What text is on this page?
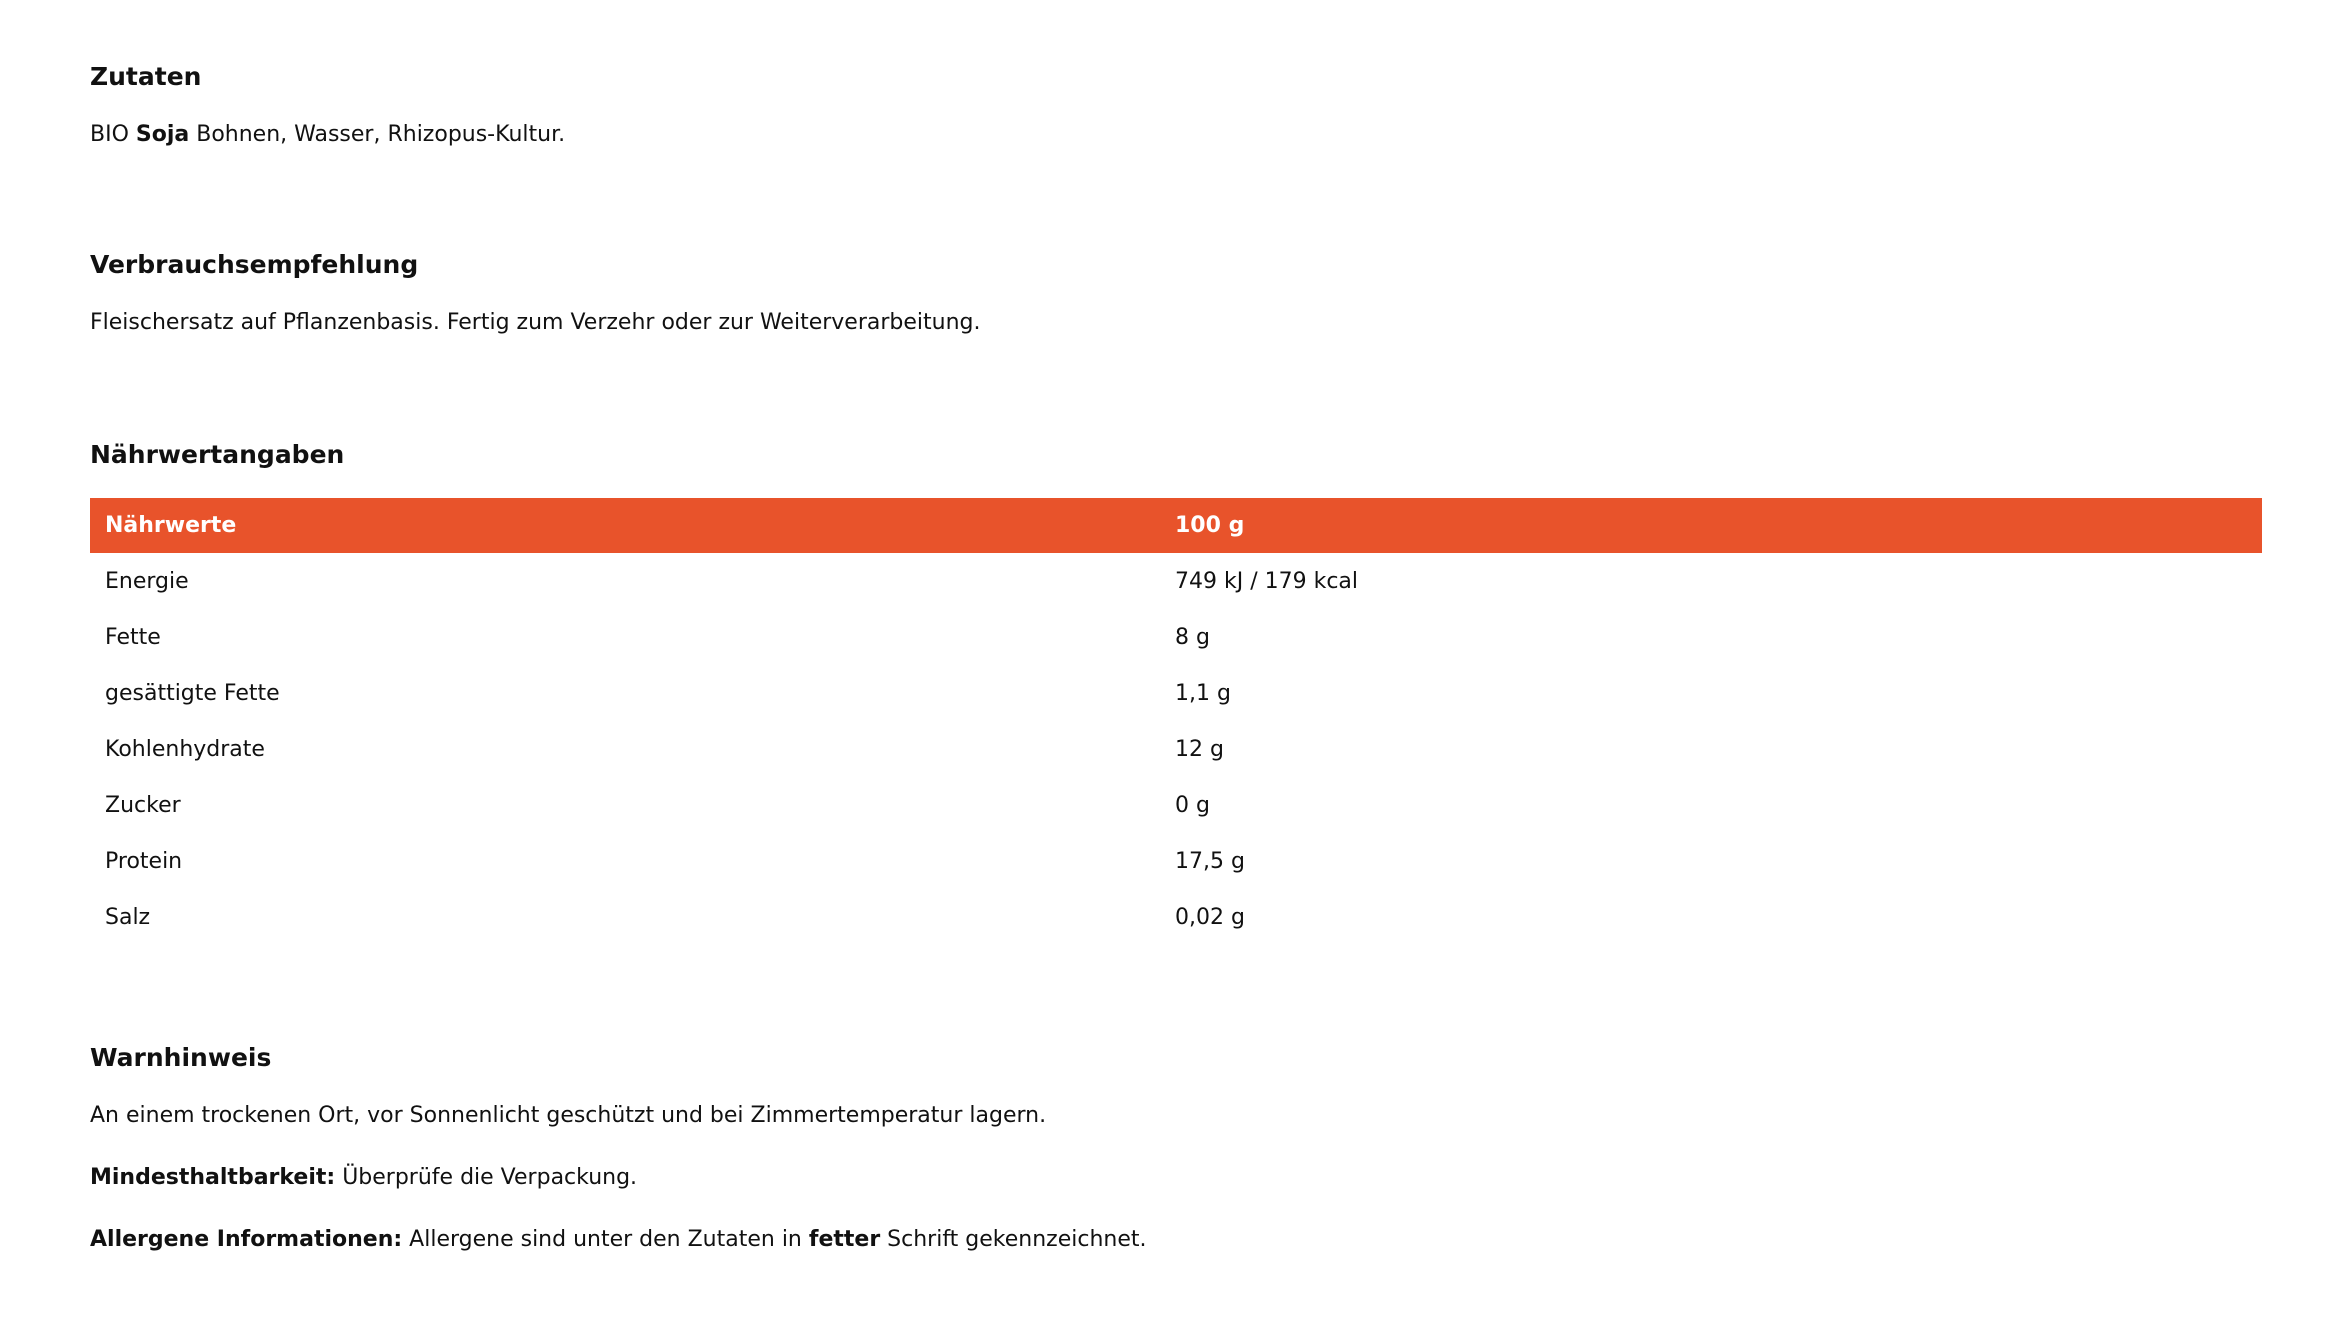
Zutaten

BIO Soja Bohnen, Wasser, Rhizopus-Kultur.

Verbrauchsempfehlung

Fleischersatz auf Pflanzenbasis. Fertig zum Verzehr oder zur Weiterverarbeitung.

Nährwertangaben
Nährwerte	100 g
Energie	749 kJ / 179 kcal
Fette	8 g
gesättigte Fette	1,1 g
Kohlenhydrate	12 g
Zucker	0 g
Protein	17,5 g
Salz	0,02 g
Warnhinweis

An einem trockenen Ort, vor Sonnenlicht geschützt und bei Zimmertemperatur lagern.

Mindesthaltbarkeit: Überprüfe die Verpackung.

Allergene Informationen: Allergene sind unter den Zutaten in fetter Schrift gekennzeichnet.
